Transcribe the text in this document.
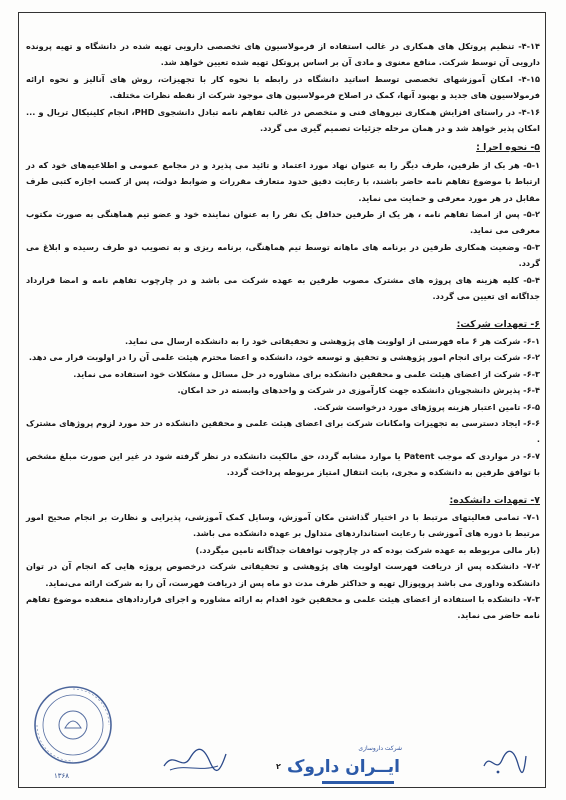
۴-۱۴- تنظیم پروتکل های همکاری در غالب استفاده از فرمولاسیون های تخصصی دارویی تهیه شده در دانشگاه و تهیه پرونده دارویی آن توسط شرکت. منافع معنوی و مادی آن بر اساس پروتکل تهیه شده تعیین خواهد شد.

۴-۱۵- امکان آموزشهای تخصصی توسط اساتید دانشگاه در رابطه با نحوه کار با تجهیزات، روش های آنالیز و نحوه ارائه فرمولاسیون های جدید و بهبود آنها، کمک در اصلاح فرمولاسیون های موجود شرکت از نقطه نظرات مختلف.

۴-۱۶- در راستای افزایش همکاری نیروهای فنی و متخصص در غالب تفاهم نامه تبادل دانشجوی PHD، انجام کلینیکال تریال و ... امکان پذیر خواهد شد و در همان مرحله جزئیات تصمیم گیری می گردد.

۵- نحوه اجرا :

۵-۱- هر یک از طرفین، طرف دیگر را به عنوان نهاد مورد اعتماد و تائید می پذیرد و در مجامع عمومی و اطلاعیه‌های خود که در ارتباط با موضوع تفاهم نامه حاضر باشند، با رعایت دقیق حدود متعارف مقررات و ضوابط دولت، پس از کسب اجازه کتبی طرف مقابل در هر مورد معرفی و حمایت می نماید.

۵-۲- پس از امضا تفاهم نامه ، هر یک از طرفین حداقل یک نفر را به عنوان نماینده خود و عضو تیم هماهنگی به صورت مکتوب معرفی می نماید.

۵-۳- وضعیت همکاری طرفین در برنامه های ماهانه توسط تیم هماهنگی، برنامه ریزی و به تصویب دو طرف رسیده و ابلاغ می گردد.

۵-۴- کلیه هزینه های پروژه های مشترک مصوب طرفین به عهده شرکت می باشد و در چارچوب تفاهم نامه و امضا قرارداد جداگانه ای تعیین می گردد.

۶- تعهدات شرکت:

۶-۱- شرکت هر ۶ ماه فهرستی از اولویت های پژوهشی و تحقیقاتی خود را به دانشکده ارسال می نماید.

۶-۲- شرکت برای انجام امور پژوهشی و تحقیق و توسعه خود، دانشکده و اعضا محترم هیئت علمی آن را در اولویت قرار می دهد.

۶-۳- شرکت از اعضای هیئت علمی و محققین دانشکده برای مشاوره در حل مسائل و مشکلات خود استفاده می نماید.

۶-۴- پذیرش دانشجویان دانشکده جهت کارآموزی در شرکت و واحدهای وابسته در حد امکان.

۶-۵- تامین اعتبار هزینه پروژهای مورد درخواست شرکت.

۶-۶- ایجاد دسترسی به تجهیزات وامکانات شرکت برای اعضای هیئت علمی و محققین دانشکده در حد مورد لزوم پروژهای مشترک .

۶-۷- در مواردی که موجب Patent یا موارد مشابه گردد، حق مالکیت دانشکده در نظر گرفته شود در غیر این صورت مبلغ مشخص با توافق طرفین به دانشکده و مجری، بابت انتقال امتیاز مربوطه پرداخت گردد.

۷- تعهدات دانشکده:

۷-۱- تمامی فعالیتهای مرتبط با در اختیار گذاشتن مکان آموزش، وسایل کمک آموزشی، پذیرایی و نظارت بر انجام صحیح امور مرتبط با دوره های آموزشی با رعایت استانداردهای متداول بر عهده دانشکده می باشد.

(بار مالی مربوطه به عهده شرکت بوده که در چارچوب توافقات جداگانه تامین میگردد.)

۷-۲- دانشکده پس از دریافت فهرست اولویت های پژوهشی و تحقیقاتی شرکت درخصوص پروژه هایی که انجام آن در توان دانشکده وداوری می باشد پروپوزال تهیه و حداکثر ظرف مدت دو ماه پس از دریافت فهرست، آن را به شرکت ارائه می‌نماید.

۷-۳- دانشکده با استفاده از اعضای هیئت علمی و محققین خود اقدام به ارائه مشاوره و اجرای قراردادهای منعقده موضوع تفاهم نامه حاضر می نماید.

۲
شرکت داروسازی
ایــران داروک
۱۳۶۸
